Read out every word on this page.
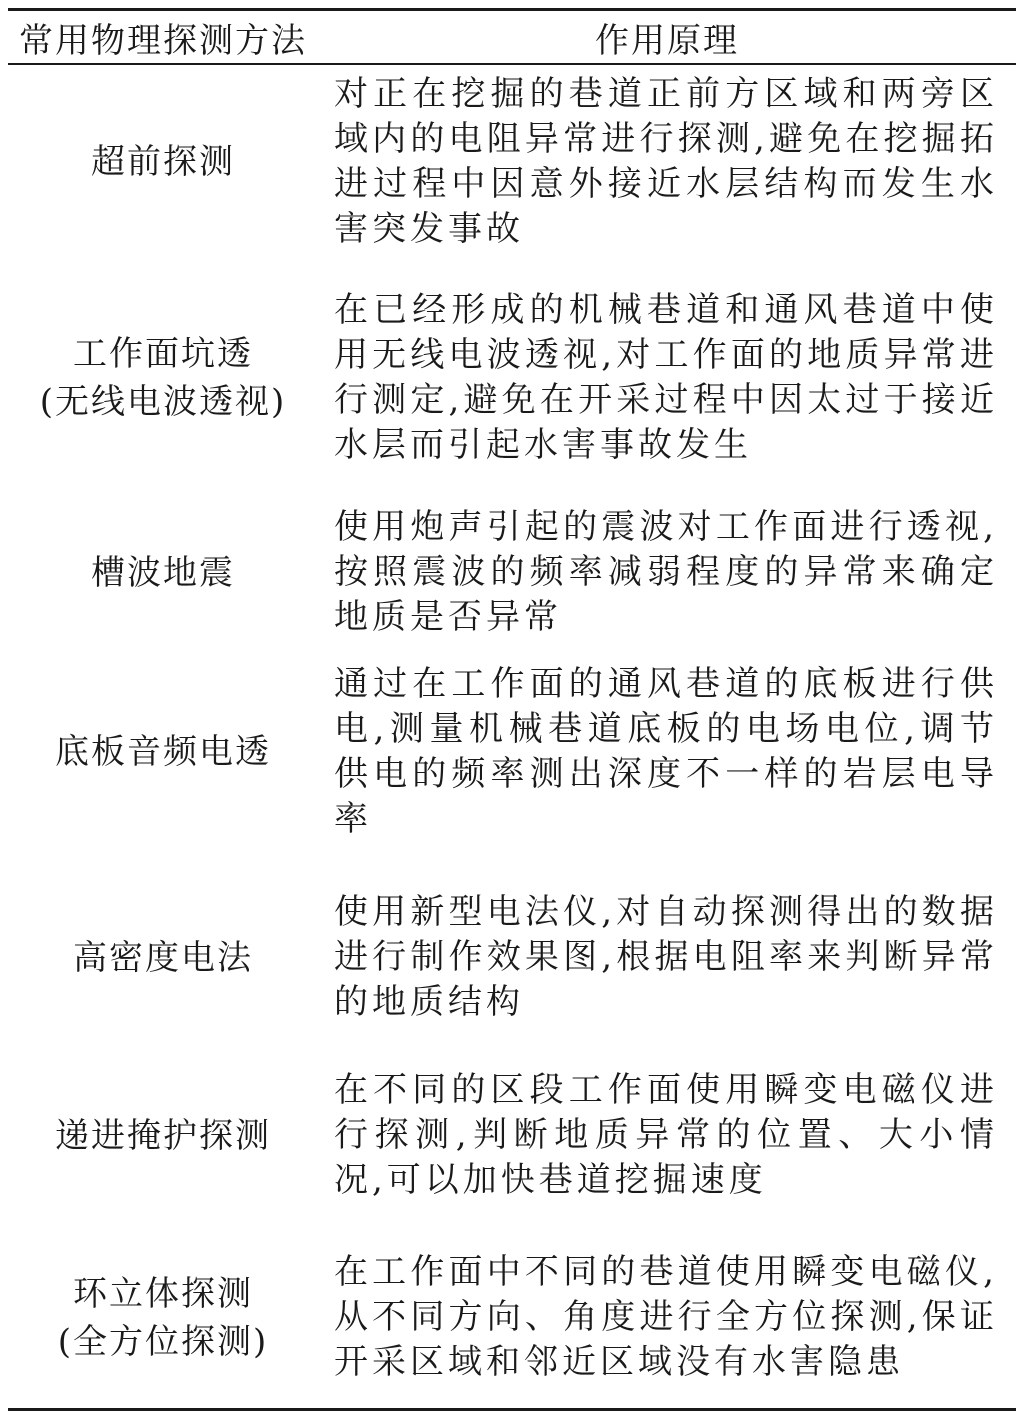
常用物理探测方法	作用原理
超前探测
对正在挖掘的巷道正前方区域和两旁区域内的电阻异常进行探测,避免在挖掘拓进过程中因意外接近水层结构而发生水害突发事故
工作面坑透
(无线电波透视)
在已经形成的机械巷道和通风巷道中使用无线电波透视,对工作面的地质异常进行测定,避免在开采过程中因太过于接近水层而引起水害事故发生
槽波地震
使用炮声引起的震波对工作面进行透视,按照震波的频率减弱程度的异常来确定地质是否异常
底板音频电透
通过在工作面的通风巷道的底板进行供电,测量机械巷道底板的电场电位,调节供电的频率测出深度不一样的岩层电导率
高密度电法
使用新型电法仪,对自动探测得出的数据进行制作效果图,根据电阻率来判断异常的地质结构
递进掩护探测
在不同的区段工作面使用瞬变电磁仪进行探测,判断地质异常的位置、大小情况,可以加快巷道挖掘速度
环立体探测
(全方位探测)
在工作面中不同的巷道使用瞬变电磁仪,从不同方向、角度进行全方位探测,保证开采区域和邻近区域没有水害隐患
